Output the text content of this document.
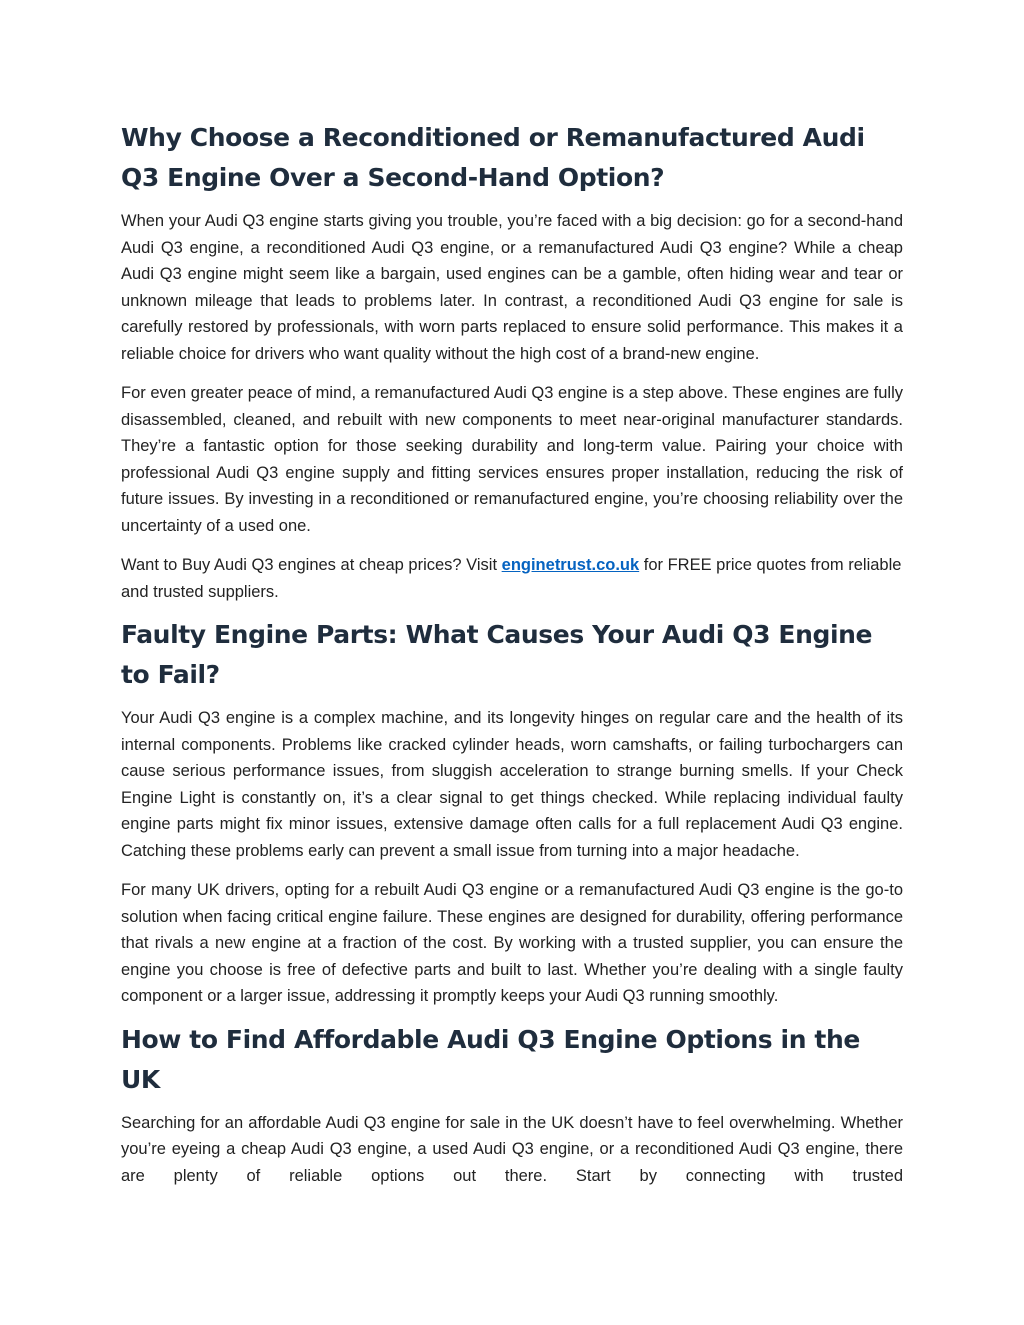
Why Choose a Reconditioned or Remanufactured Audi Q3 Engine Over a Second-Hand Option?

When your Audi Q3 engine starts giving you trouble, you’re faced with a big decision: go for a second-hand Audi Q3 engine, a reconditioned Audi Q3 engine, or a remanufactured Audi Q3 engine? While a cheap Audi Q3 engine might seem like a bargain, used engines can be a gamble, often hiding wear and tear or unknown mileage that leads to problems later. In contrast, a reconditioned Audi Q3 engine for sale is carefully restored by professionals, with worn parts replaced to ensure solid performance. This makes it a reliable choice for drivers who want quality without the high cost of a brand-new engine.

For even greater peace of mind, a remanufactured Audi Q3 engine is a step above. These engines are fully disassembled, cleaned, and rebuilt with new components to meet near-original manufacturer standards. They’re a fantastic option for those seeking durability and long-term value. Pairing your choice with professional Audi Q3 engine supply and fitting services ensures proper installation, reducing the risk of future issues. By investing in a reconditioned or remanufactured engine, you’re choosing reliability over the uncertainty of a used one.

Want to Buy Audi Q3 engines at cheap prices? Visit enginetrust.co.uk for FREE price quotes from reliable and trusted suppliers.

Faulty Engine Parts: What Causes Your Audi Q3 Engine to Fail?

Your Audi Q3 engine is a complex machine, and its longevity hinges on regular care and the health of its internal components. Problems like cracked cylinder heads, worn camshafts, or failing turbochargers can cause serious performance issues, from sluggish acceleration to strange burning smells. If your Check Engine Light is constantly on, it’s a clear signal to get things checked. While replacing individual faulty engine parts might fix minor issues, extensive damage often calls for a full replacement Audi Q3 engine. Catching these problems early can prevent a small issue from turning into a major headache.

For many UK drivers, opting for a rebuilt Audi Q3 engine or a remanufactured Audi Q3 engine is the go-to solution when facing critical engine failure. These engines are designed for durability, offering performance that rivals a new engine at a fraction of the cost. By working with a trusted supplier, you can ensure the engine you choose is free of defective parts and built to last. Whether you’re dealing with a single faulty component or a larger issue, addressing it promptly keeps your Audi Q3 running smoothly.

How to Find Affordable Audi Q3 Engine Options in the UK

Searching for an affordable Audi Q3 engine for sale in the UK doesn’t have to feel overwhelming. Whether you’re eyeing a cheap Audi Q3 engine, a used Audi Q3 engine, or a reconditioned Audi Q3 engine, there are plenty of reliable options out there. Start by connecting with trusted
